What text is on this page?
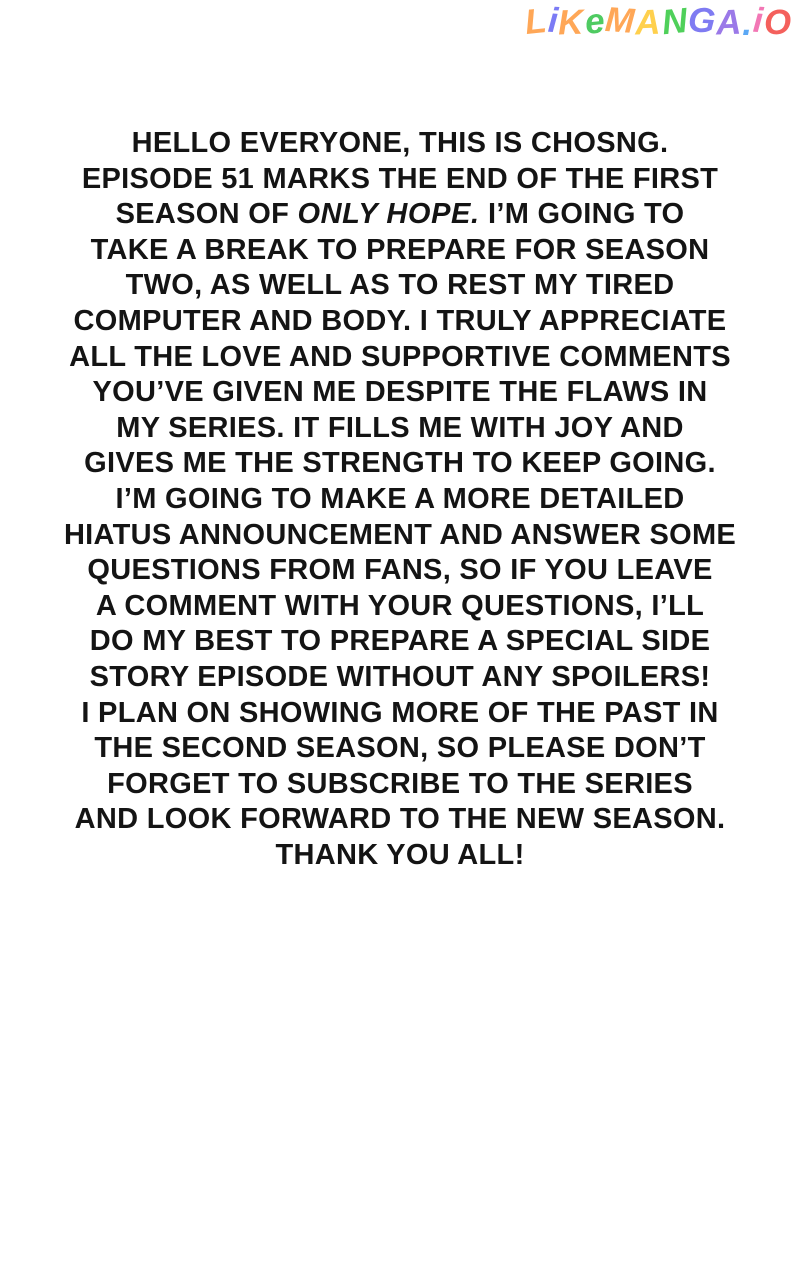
LiKeMANGA.iO

HELLO EVERYONE, THIS IS CHOSNG.

EPISODE 51 MARKS THE END OF THE FIRST

SEASON OF ONLY HOPE. I’M GOING TO

TAKE A BREAK TO PREPARE FOR SEASON

TWO, AS WELL AS TO REST MY TIRED

COMPUTER AND BODY. I TRULY APPRECIATE

ALL THE LOVE AND SUPPORTIVE COMMENTS

YOU’VE GIVEN ME DESPITE THE FLAWS IN

MY SERIES. IT FILLS ME WITH JOY AND

GIVES ME THE STRENGTH TO KEEP GOING.

I’M GOING TO MAKE A MORE DETAILED

HIATUS ANNOUNCEMENT AND ANSWER SOME

QUESTIONS FROM FANS, SO IF YOU LEAVE

A COMMENT WITH YOUR QUESTIONS, I’LL

DO MY BEST TO PREPARE A SPECIAL SIDE

STORY EPISODE WITHOUT ANY SPOILERS!

I PLAN ON SHOWING MORE OF THE PAST IN

THE SECOND SEASON, SO PLEASE DON’T

FORGET TO SUBSCRIBE TO THE SERIES

AND LOOK FORWARD TO THE NEW SEASON.

THANK YOU ALL!
